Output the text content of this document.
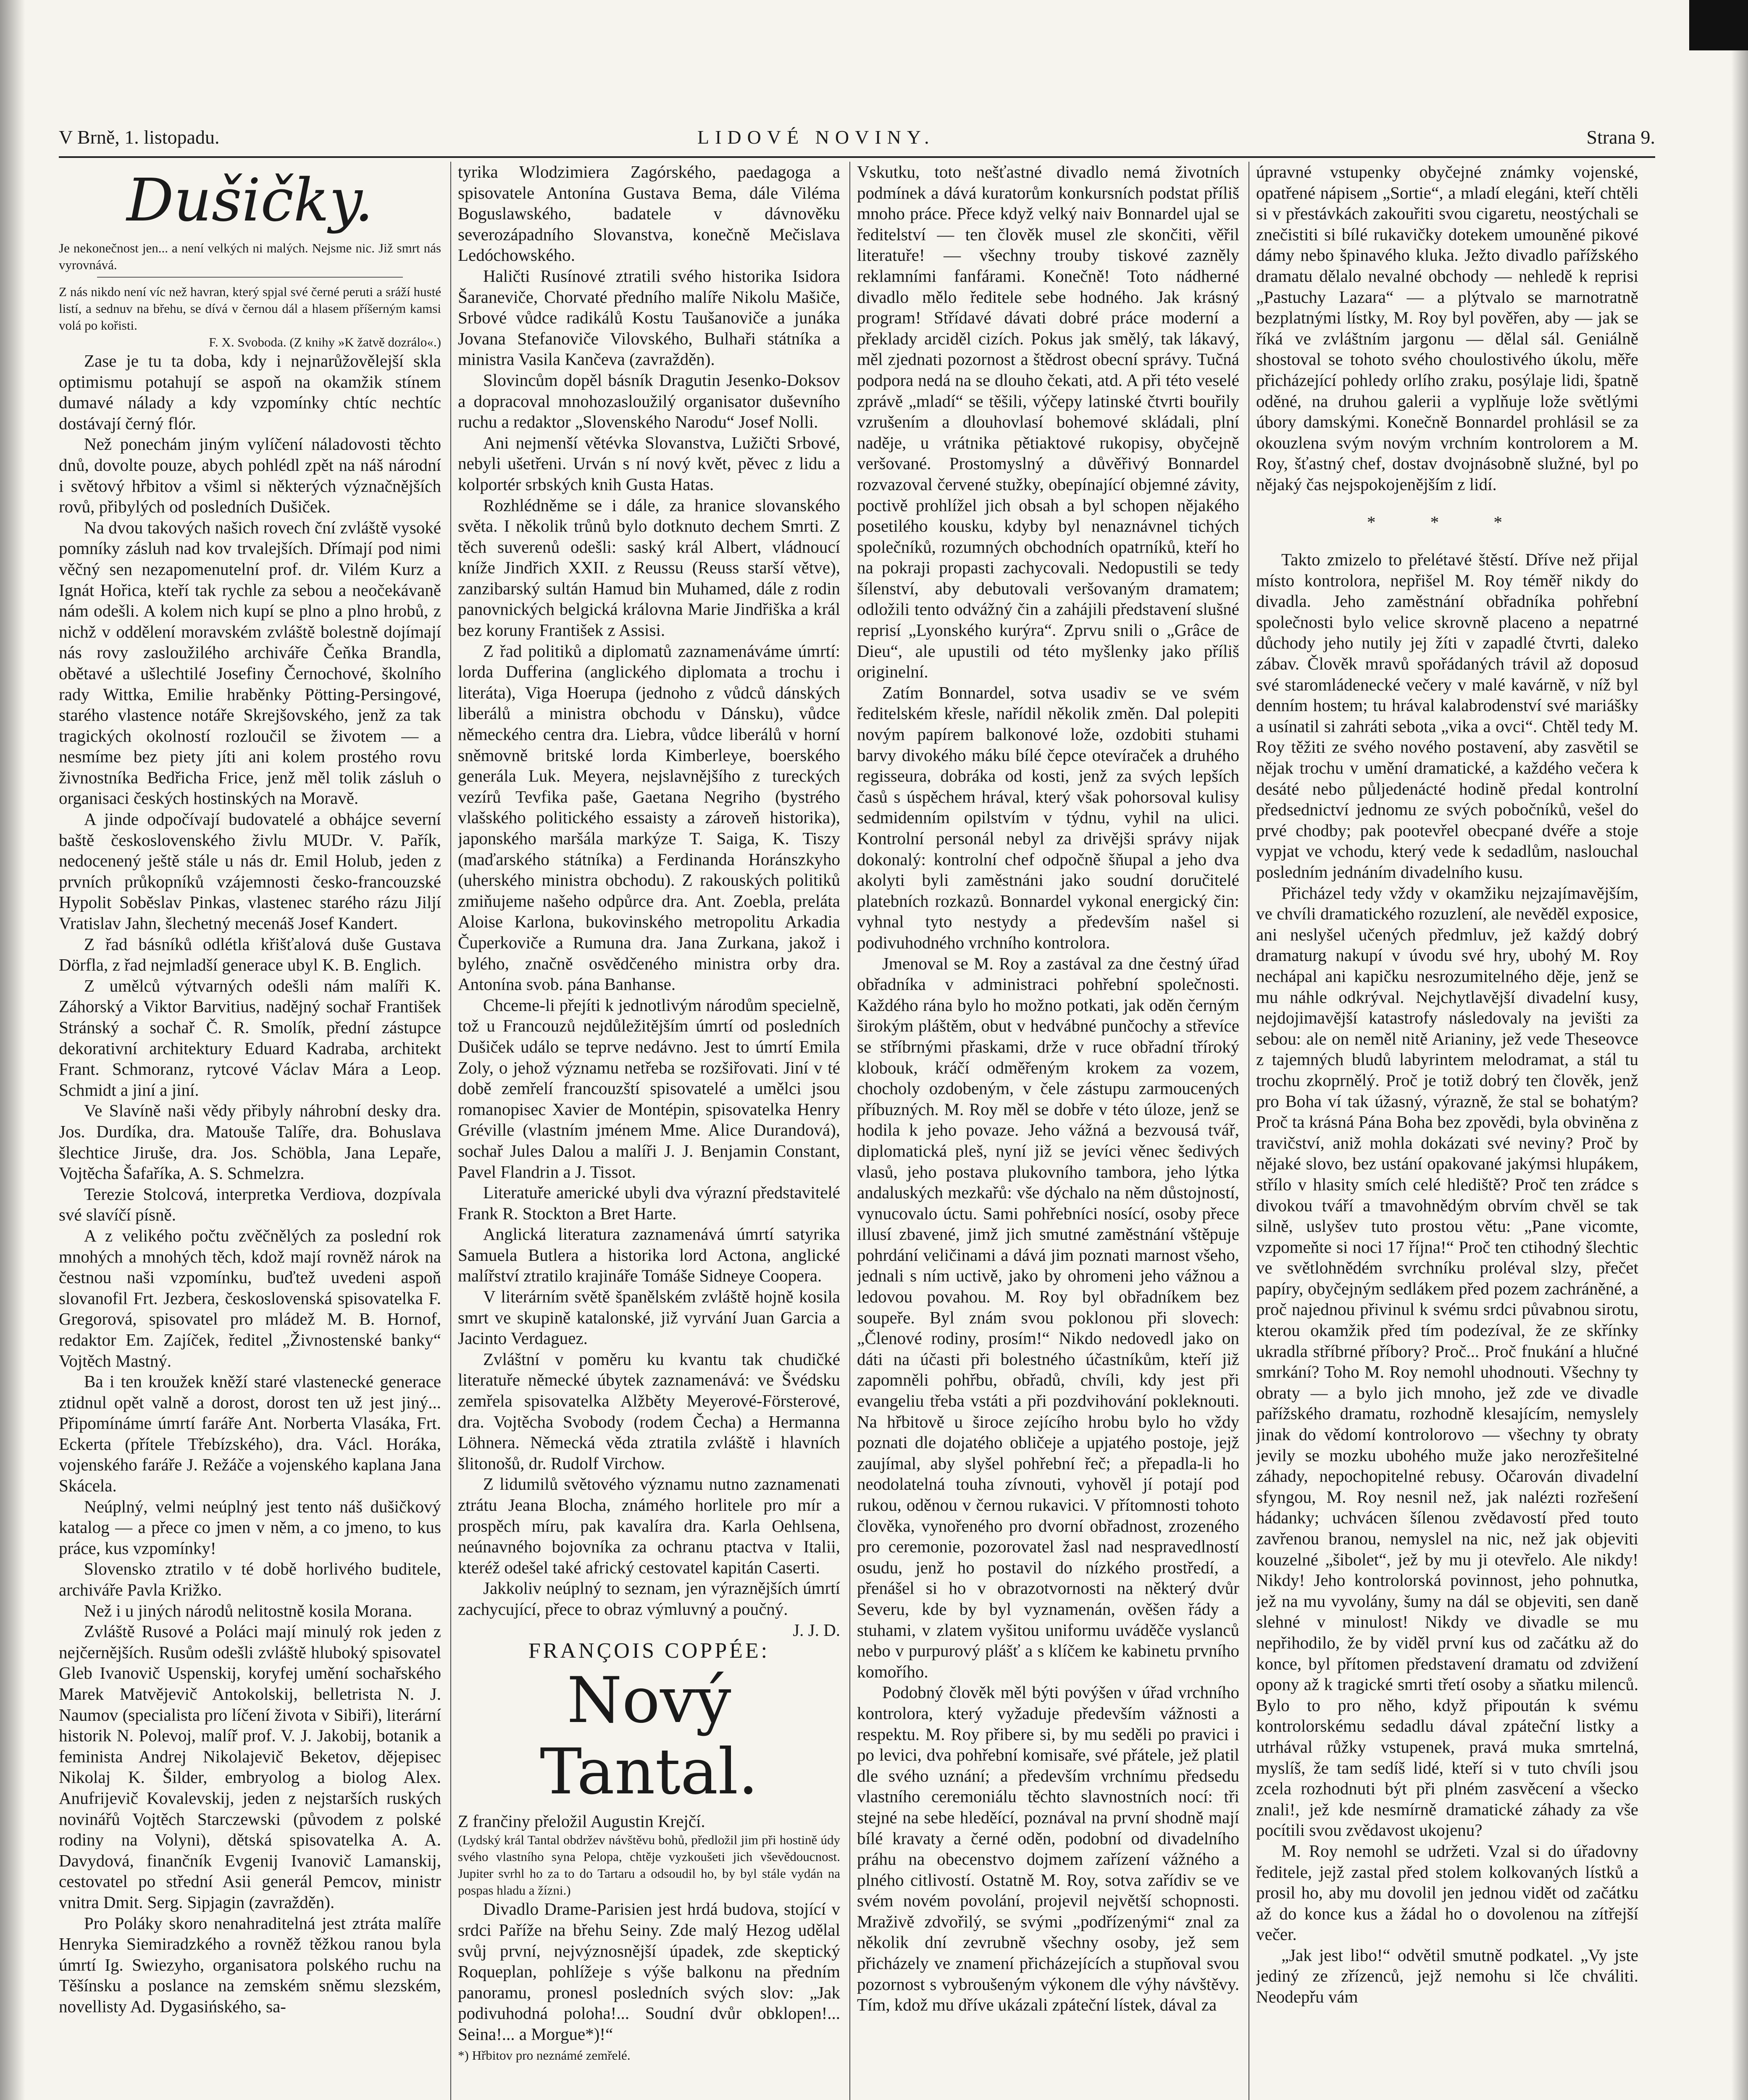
V Brně, 1. listopadu.	LIDOVÉ NOVINY.	Strana 9.
Dušičky.

Je nekonečnost jen... a není velkých ni malých. Nejsme nic. Již smrt nás vyrovnává.

Z nás nikdo není víc než havran, který spjal své černé peruti a sráží husté listí, a sednuv na břehu, se dívá v černou dál a hlasem příšerným kamsi volá po kořisti.

F. X. Svoboda. (Z knihy »K žatvě dozrálo«.)

Zase je tu ta doba, kdy i nejnarůžovělejší skla optimismu potahují se aspoň na okamžik stínem dumavé nálady a kdy vzpomínky chtíc nechtíc dostávají černý flór.

Než ponechám jiným vylíčení náladovosti těchto dnů, dovolte pouze, abych pohlédl zpět na náš národní i světový hřbitov a všiml si některých význačnějších rovů, přibylých od posledních Dušiček.

Na dvou takových našich rovech ční zvláště vysoké pomníky zásluh nad kov trvalejších. Dřímají pod nimi věčný sen nezapomenutelní prof. dr. Vilém Kurz a Ignát Hořica, kteří tak rychle za sebou a neočekávaně nám odešli. A kolem nich kupí se plno a plno hrobů, z nichž v oddělení moravském zvláště bolestně dojímají nás rovy zasloužilého archiváře Čeňka Brandla, obětavé a ušlechtilé Josefiny Černochové, školního rady Wittka, Emilie hraběnky Pötting-Persingové, starého vlastence notáře Skrejšovského, jenž za tak tragických okolností rozloučil se životem — a nesmíme bez piety jíti ani kolem prostého rovu živnostníka Bedřicha Frice, jenž měl tolik zásluh o organisaci českých hostinských na Moravě.

A jinde odpočívají budovatelé a obhájce severní baště československého živlu MUDr. V. Pařík, nedocenený ještě stále u nás dr. Emil Holub, jeden z prvních průkopníků vzájemnosti česko-francouzské Hypolit Soběslav Pinkas, vlastenec starého rázu Jiljí Vratislav Jahn, šlechetný mecenáš Josef Kandert.

Z řad básníků odlétla křišťalová duše Gustava Dörfla, z řad nejmladší generace ubyl K. B. Englich.

Z umělců výtvarných odešli nám malíři K. Záhorský a Viktor Barvitius, nadějný sochař František Stránský a sochař Č. R. Smolík, přední zástupce dekorativní architektury Eduard Kadraba, architekt Frant. Schmoranz, rytcové Václav Mára a Leop. Schmidt a jiní a jiní.

Ve Slavíně naši vědy přibyly náhrobní desky dra. Jos. Durdíka, dra. Matouše Talíře, dra. Bohuslava šlechtice Jiruše, dra. Jos. Schöbla, Jana Lepaře, Vojtěcha Šafaříka, A. S. Schmelzra.

Terezie Stolcová, interpretka Verdiova, dozpívala své slavíčí písně.

A z velikého počtu zvěčnělých za poslední rok mnohých a mnohých těch, kdož mají rovněž nárok na čestnou naši vzpomínku, buďtež uvedeni aspoň slovanofil Frt. Jezbera, československá spisovatelka F. Gregorová, spisovatel pro mládež M. B. Hornof, redaktor Em. Zajíček, ředitel „Živnostenské banky“ Vojtěch Mastný.

Ba i ten kroužek kněží staré vlastenecké generace ztidnul opět valně a dorost, dorost ten už jest jiný... Připomínáme úmrtí faráře Ant. Norberta Vlasáka, Frt. Eckerta (přítele Třebízského), dra. Václ. Horáka, vojenského faráře J. Režáče a vojenského kaplana Jana Skácela.

Neúplný, velmi neúplný jest tento náš dušičkový katalog — a přece co jmen v něm, a co jmeno, to kus práce, kus vzpomínky!

Slovensko ztratilo v té době horlivého buditele, archiváře Pavla Križko.

Než i u jiných národů nelitostně kosila Morana.

Zvláště Rusové a Poláci mají minulý rok jeden z nejčernějších. Rusům odešli zvláště hluboký spisovatel Gleb Ivanovič Uspenskij, koryfej umění sochařského Marek Matvějevič Antokolskij, belletrista N. J. Naumov (specialista pro líčení života v Sibiři), literární historik N. Polevoj, malíř prof. V. J. Jakobij, botanik a feminista Andrej Nikolajevič Beketov, dějepisec Nikolaj K. Šilder, embryolog a biolog Alex. Anufrijevič Kovalevskij, jeden z nejstarších ruských novinářů Vojtěch Starczewski (původem z polské rodiny na Volyni), dětská spisovatelka A. A. Davydová, finančník Evgenij Ivanovič Lamanskij, cestovatel po střední Asii generál Pemcov, ministr vnitra Dmit. Serg. Sipjagin (zavražděn).

Pro Poláky skoro nenahraditelná jest ztráta malíře Henryka Siemiradzkého a rovněž těžkou ranou byla úmrtí Ig. Swiezyho, organisatora polského ruchu na Těšínsku a poslance na zemském sněmu slezském, novellisty Ad. Dygasińského, sa-

tyrika Wlodzimiera Zagórského, paedagoga a spisovatele Antonína Gustava Bema, dále Viléma Boguslawského, badatele v dávnověku severozápadního Slovanstva, konečně Mečislava Ledóchowského.

Haličti Rusínové ztratili svého historika Isidora Šaraneviče, Chorvaté předního malíře Nikolu Mašiče, Srbové vůdce radikálů Kostu Taušanoviče a junáka Jovana Stefanoviče Vilovského, Bulhaři státníka a ministra Vasila Kančeva (zavražděn).

Slovincům dopěl básník Dragutin Jesenko-Doksov a dopracoval mnohozasloužilý organisator duševního ruchu a redaktor „Slovenského Narodu“ Josef Nolli.

Ani nejmenší větévka Slovanstva, Lužičti Srbové, nebyli ušetřeni. Urván s ní nový květ, pěvec z lidu a kolportér srbských knih Gusta Hatas.

Rozhlédněme se i dále, za hranice slovanského světa. I několik trůnů bylo dotknuto dechem Smrti. Z těch suverenů odešli: saský král Albert, vládnoucí kníže Jindřich XXII. z Reussu (Reuss starší větve), zanzibarský sultán Hamud bin Muhamed, dále z rodin panovnických belgická královna Marie Jindřiška a král bez koruny František z Assisi.

Z řad politiků a diplomatů zaznamenáváme úmrtí: lorda Dufferina (anglického diplomata a trochu i literáta), Viga Hoerupa (jednoho z vůdců dánských liberálů a ministra obchodu v Dánsku), vůdce německého centra dra. Liebra, vůdce liberálů v horní sněmovně britské lorda Kimberleye, boerského generála Luk. Meyera, nejslavnějšího z tureckých vezírů Tevfika paše, Gaetana Negriho (bystrého vlašského politického essaisty a zároveň historika), japonského maršála markýze T. Saiga, K. Tiszy (maďarského státníka) a Ferdinanda Horánszkyho (uherského ministra obchodu). Z rakouských politiků zmiňujeme našeho odpůrce dra. Ant. Zoebla, preláta Aloise Karlona, bukovinského metropolitu Arkadia Čuperkoviče a Rumuna dra. Jana Zurkana, jakož i bylého, značně osvědčeného ministra orby dra. Antonína svob. pána Banhanse.

Chceme-li přejíti k jednotlivým národům specielně, tož u Francouzů nejdůležitějším úmrtí od posledních Dušiček událo se teprve nedávno. Jest to úmrtí Emila Zoly, o jehož významu netřeba se rozšiřovati. Jiní v té době zemřelí francouzští spisovatelé a umělci jsou romanopisec Xavier de Montépin, spisovatelka Henry Gréville (vlastním jménem Mme. Alice Durandová), sochař Jules Dalou a malíři J. J. Benjamin Constant, Pavel Flandrin a J. Tissot.

Literatuře americké ubyli dva výrazní představitelé Frank R. Stockton a Bret Harte.

Anglická literatura zaznamenává úmrtí satyrika Samuela Butlera a historika lord Actona, anglické malířství ztratilo krajináře Tomáše Sidneye Coopera.

V literárním světě španělském zvláště hojně kosila smrt ve skupině katalonské, již vyrvání Juan Garcia a Jacinto Verdaguez.

Zvláštní v poměru ku kvantu tak chudičké literatuře německé úbytek zaznamenává: ve Švédsku zemřela spisovatelka Alžběty Meyerové-Försterové, dra. Vojtěcha Svobody (rodem Čecha) a Hermanna Löhnera. Německá věda ztratila zvláště i hlavních šlitonošů, dr. Rudolf Virchow.

Z lidumilů světového významu nutno zaznamenati ztrátu Jeana Blocha, známého horlitele pro mír a prospěch míru, pak kavalíra dra. Karla Oehlsena, neúnavného bojovníka za ochranu ptactva v Italii, kteréž odešel také africký cestovatel kapitán Caserti.

Jakkoliv neúplný to seznam, jen výraznějších úmrtí zachycující, přece to obraz výmluvný a poučný.

J. J. D.

FRANÇOIS COPPÉE:

Nový Tantal.

Z frančiny přeložil Augustin Krejčí.

(Lydský král Tantal obdržev návštěvu bohů, předložil jim při hostině údy svého vlastního syna Pelopa, chtěje vyzkoušeti jich vševědoucnost. Jupiter svrhl ho za to do Tartaru a odsoudil ho, by byl stále vydán na pospas hladu a žízni.)

Divadlo Drame-Parisien jest hrdá budova, stojící v srdci Paříže na břehu Seiny. Zde malý Hezog udělal svůj první, nejvýznosnější úpadek, zde skeptický Roqueplan, pohlížeje s výše balkonu na předním panoramu, pronesl posledních svých slov: „Jak podivuhodná poloha!... Soudní dvůr obklopen!... Seina!... a Morgue*)!“

*) Hřbitov pro neznámé zemřelé.

Vskutku, toto nešťastné divadlo nemá životních podmínek a dává kuratorům konkursních podstat příliš mnoho práce. Přece když velký naiv Bonnardel ujal se ředitelství — ten člověk musel zle skončiti, věřil literatuře! — všechny trouby tiskové zazněly reklamními fanfárami. Konečně! Toto nádherné divadlo mělo ředitele sebe hodného. Jak krásný program! Střídavé dávati dobré práce moderní a překlady arciděl cizích. Pokus jak smělý, tak lákavý, měl zjednati pozornost a štědrost obecní správy. Tučná podpora nedá na se dlouho čekati, atd. A při této veselé zprávě „mladí“ se těšili, výčepy latinské čtvrti bouřily vzrušením a dlouhovlasí bohemové skládali, plní naděje, u vrátnika pětiaktové rukopisy, obyčejně veršované. Prostomyslný a důvěřivý Bonnardel rozvazoval červené stužky, obepínající objemné závity, poctivě prohlížel jich obsah a byl schopen nějakého posetilého kousku, kdyby byl nenaznávnel tichých společníků, rozumných obchodních opatrníků, kteří ho na pokraji propasti zachycovali. Nedopustili se tedy šílenství, aby debutovali veršovaným dramatem; odložili tento odvážný čin a zahájili představení slušné reprisí „Lyonského kurýra“. Zprvu snili o „Grâce de Dieu“, ale upustili od této myšlenky jako příliš originelní.

Zatím Bonnardel, sotva usadiv se ve svém ředitelském křesle, nařídil několik změn. Dal polepiti novým papírem balkonové lože, ozdobiti stuhami barvy divokého máku bílé čepce otevíraček a druhého regisseura, dobráka od kosti, jenž za svých lepších časů s úspěchem hrával, který však pohorsoval kulisy sedmidenním opilstvím v týdnu, vyhil na ulici. Kontrolní personál nebyl za drivějši správy nijak dokonalý: kontrolní chef odpočně šňupal a jeho dva akolyti byli zaměstnáni jako soudní doručitelé platebních rozkazů. Bonnardel vykonal energický čin: vyhnal tyto nestydy a především našel si podivuhodného vrchního kontrolora.

Jmenoval se M. Roy a zastával za dne čestný úřad obřadníka v administraci pohřební společnosti. Každého rána bylo ho možno potkati, jak oděn černým širokým pláštěm, obut v hedvábné punčochy a střevíce se stříbrnými přaskami, drže v ruce obřadní tříroký klobouk, kráčí odměřeným krokem za vozem, chocholy ozdobeným, v čele zástupu zarmoucených příbuzných. M. Roy měl se dobře v této úloze, jenž se hodila k jeho povaze. Jeho vážná a bezvousá tvář, diplomatická pleš, nyní již se jevíci věnec šedivých vlasů, jeho postava plukovního tambora, jeho lýtka andaluských mezkařů: vše dýchalo na něm důstojností, vynucovalo úctu. Sami pohřebníci nosící, osoby přece illusí zbavené, jimž jich smutné zaměstnání vštěpuje pohrdání veličinami a dává jim poznati marnost všeho, jednali s ním uctivě, jako by ohromeni jeho vážnou a ledovou povahou. M. Roy byl obřadníkem bez soupeře. Byl znám svou poklonou při slovech: „Členové rodiny, prosím!“ Nikdo nedovedl jako on dáti na účasti při bolestného účastníkům, kteří již zapomněli pohřbu, obřadů, chvíli, kdy jest při evangeliu třeba vstáti a při pozdvihování pokleknouti. Na hřbitově u široce zejícího hrobu bylo ho vždy poznati dle dojatého obličeje a upjatého postoje, jejž zaujímal, aby slyšel pohřební řeč; a přepadla-li ho neodolatelná touha zívnouti, vyhověl jí potají pod rukou, oděnou v černou rukavici. V přítomnosti tohoto člověka, vynořeného pro dvorní obřadnost, zrozeného pro ceremonie, pozorovatel žasl nad nespravedlností osudu, jenž ho postavil do nízkého prostředí, a přenášel si ho v obrazotvornosti na některý dvůr Severu, kde by byl vyznamenán, ověšen řády a stuhami, v zlatem vyšitou uniformu uváděče vyslanců nebo v purpurový plášť a s klíčem ke kabinetu prvního komořího.

Podobný člověk měl býti povýšen v úřad vrchního kontrolora, který vyžaduje především vážnosti a respektu. M. Roy přibere si, by mu seděli po pravici i po levici, dva pohřební komisaře, své přátele, jež platil dle svého uznání; a především vrchnímu předsedu vlastního ceremoniálu těchto slavnostních nocí: tři stejné na sebe hleděící, poznával na první shodně mají bílé kravaty a černé oděn, podobní od divadelního práhu na obecenstvo dojmem zařízení vážného a plného citlivostí. Ostatně M. Roy, sotva zařídiv se ve svém novém povolání, projevil největší schopnosti. Mraživě zdvořilý, se svými „podřízenými“ znal za několik dní zevrubně všechny osoby, jež sem přicházely ve znamení přicházejících a stupňoval svou pozornost s vybroušeným výkonem dle výhy návštěvy. Tím, kdož mu dříve ukázali zpáteční lístek, dával za

úpravné vstupenky obyčejné známky vojenské, opatřené nápisem „Sortie“, a mladí elegáni, kteří chtěli si v přestávkách zakouřiti svou cigaretu, neostýchali se znečistiti si bílé rukavičky dotekem umouněné pikové dámy nebo špinavého kluka. Ježto divadlo pařížského dramatu dělalo nevalné obchody — nehledě k reprisi „Pastuchy Lazara“ — a plýtvalo se marnotratně bezplatnými lístky, M. Roy byl pověřen, aby — jak se říká ve zvláštním jargonu — dělal sál. Geniálně shostoval se tohoto svého choulostivého úkolu, měře přicházející pohledy orlího zraku, posýlaje lidi, špatně oděné, na druhou galerii a vyplňuje lože světlými úbory damskými. Konečně Bonnardel prohlásil se za okouzlena svým novým vrchním kontrolorem a M. Roy, šťastný chef, dostav dvojnásobně služné, byl po nějaký čas nejspokojenějším z lidí.

* * *

Takto zmizelo to přelétavé štěstí. Dříve než přijal místo kontrolora, nepřišel M. Roy téměř nikdy do divadla. Jeho zaměstnání obřadníka pohřební společnosti bylo velice skrovně placeno a nepatrné důchody jeho nutily jej žíti v zapadlé čtvrti, daleko zábav. Člověk mravů spořádaných trávil až doposud své staromládenecké večery v malé kavárně, v níž byl denním hostem; tu hrával kalabrodenství své mariášky a usínatil si zahráti sebota „vika a ovci“. Chtěl tedy M. Roy těžiti ze svého nového postavení, aby zasvětil se nějak trochu v umění dramatické, a každého večera k desáté nebo půljedenácté hodině předal kontrolní předsednictví jednomu ze svých pobočníků, vešel do prvé chodby; pak pootevřel obecpané dvéře a stoje vypjat ve vchodu, který vede k sedadlům, naslouchal posledním jednáním divadelního kusu.

Přicházel tedy vždy v okamžiku nejzajímavějším, ve chvíli dramatického rozuzlení, ale nevěděl exposice, ani neslyšel učených předmluv, jež každý dobrý dramaturg nakupí v úvodu své hry, ubohý M. Roy nechápal ani kapičku nesrozumitelného děje, jenž se mu náhle odkrýval. Nejchytlavější divadelní kusy, nejdojimavější katastrofy následovaly na jevišti za sebou: ale on neměl nitě Arianiny, jež vede Theseovce z tajemných bludů labyrintem melodramat, a stál tu trochu zkoprnělý. Proč je totiž dobrý ten člověk, jenž pro Boha ví tak úžasný, výrazně, že stal se bohatým? Proč ta krásná Pána Boha bez zpovědi, byla obviněna z travičství, aniž mohla dokázati své neviny? Proč by nějaké slovo, bez ustání opakované jakýmsi hlupákem, střílo v hlasity smích celé hlediště? Proč ten zrádce s divokou tváří a tmavohnědým obrvím chvěl se tak silně, uslyšev tuto prostou větu: „Pane vicomte, vzpomeňte si noci 17 října!“ Proč ten ctihodný šlechtic ve světlohnědém svrchníku proléval slzy, přečet papíry, obyčejným sedlákem před pozem zachráněné, a proč najednou přivinul k svému srdci půvabnou sirotu, kterou okamžik před tím podezíval, že ze skřínky ukradla stříbrné příbory? Proč... Proč fnukání a hlučné smrkání? Toho M. Roy nemohl uhodnouti. Všechny ty obraty — a bylo jich mnoho, jež zde ve divadle pařížského dramatu, rozhodně klesajícím, nemyslely jinak do vědomí kontrolorovo — všechny ty obraty jevily se mozku ubohého muže jako nerozřešitelné záhady, nepochopitelné rebusy. Očarován divadelní sfyngou, M. Roy nesnil než, jak nalézti rozřešení hádanky; uchvácen šílenou zvědavostí před touto zavřenou branou, nemyslel na nic, než jak objeviti kouzelné „šibolet“, jež by mu ji otevřelo. Ale nikdy! Nikdy! Jeho kontrolorská povinnost, jeho pohnutka, jež na mu vyvolány, šumy na dál se objeviti, sen daně slehné v minulost! Nikdy ve divadle se mu nepřihodilo, že by viděl první kus od začátku až do konce, byl přítomen představení dramatu od zdvižení opony až k tragické smrti třetí osoby a sňatku milenců. Bylo to pro něho, když připoután k svému kontrolorskému sedadlu dával zpáteční listky a utrhával růžky vstupenek, pravá muka smrtelná, myslíš, že tam sedíš lidé, kteří si v tuto chvíli jsou zcela rozhodnuti být při plném zasvěcení a všecko znali!, jež kde nesmírně dramatické záhady za vše pocítili svou zvědavost ukojenu?

M. Roy nemohl se udržeti. Vzal si do úřadovny ředitele, jejž zastal před stolem kolkovaných lístků a prosil ho, aby mu dovolil jen jednou vidět od začátku až do konce kus a žádal ho o dovolenou na zítřejší večer.

„Jak jest libo!“ odvětil smutně podkatel. „Vy jste jediný ze zřízenců, jejž nemohu si lče chváliti. Neodepřu vám
